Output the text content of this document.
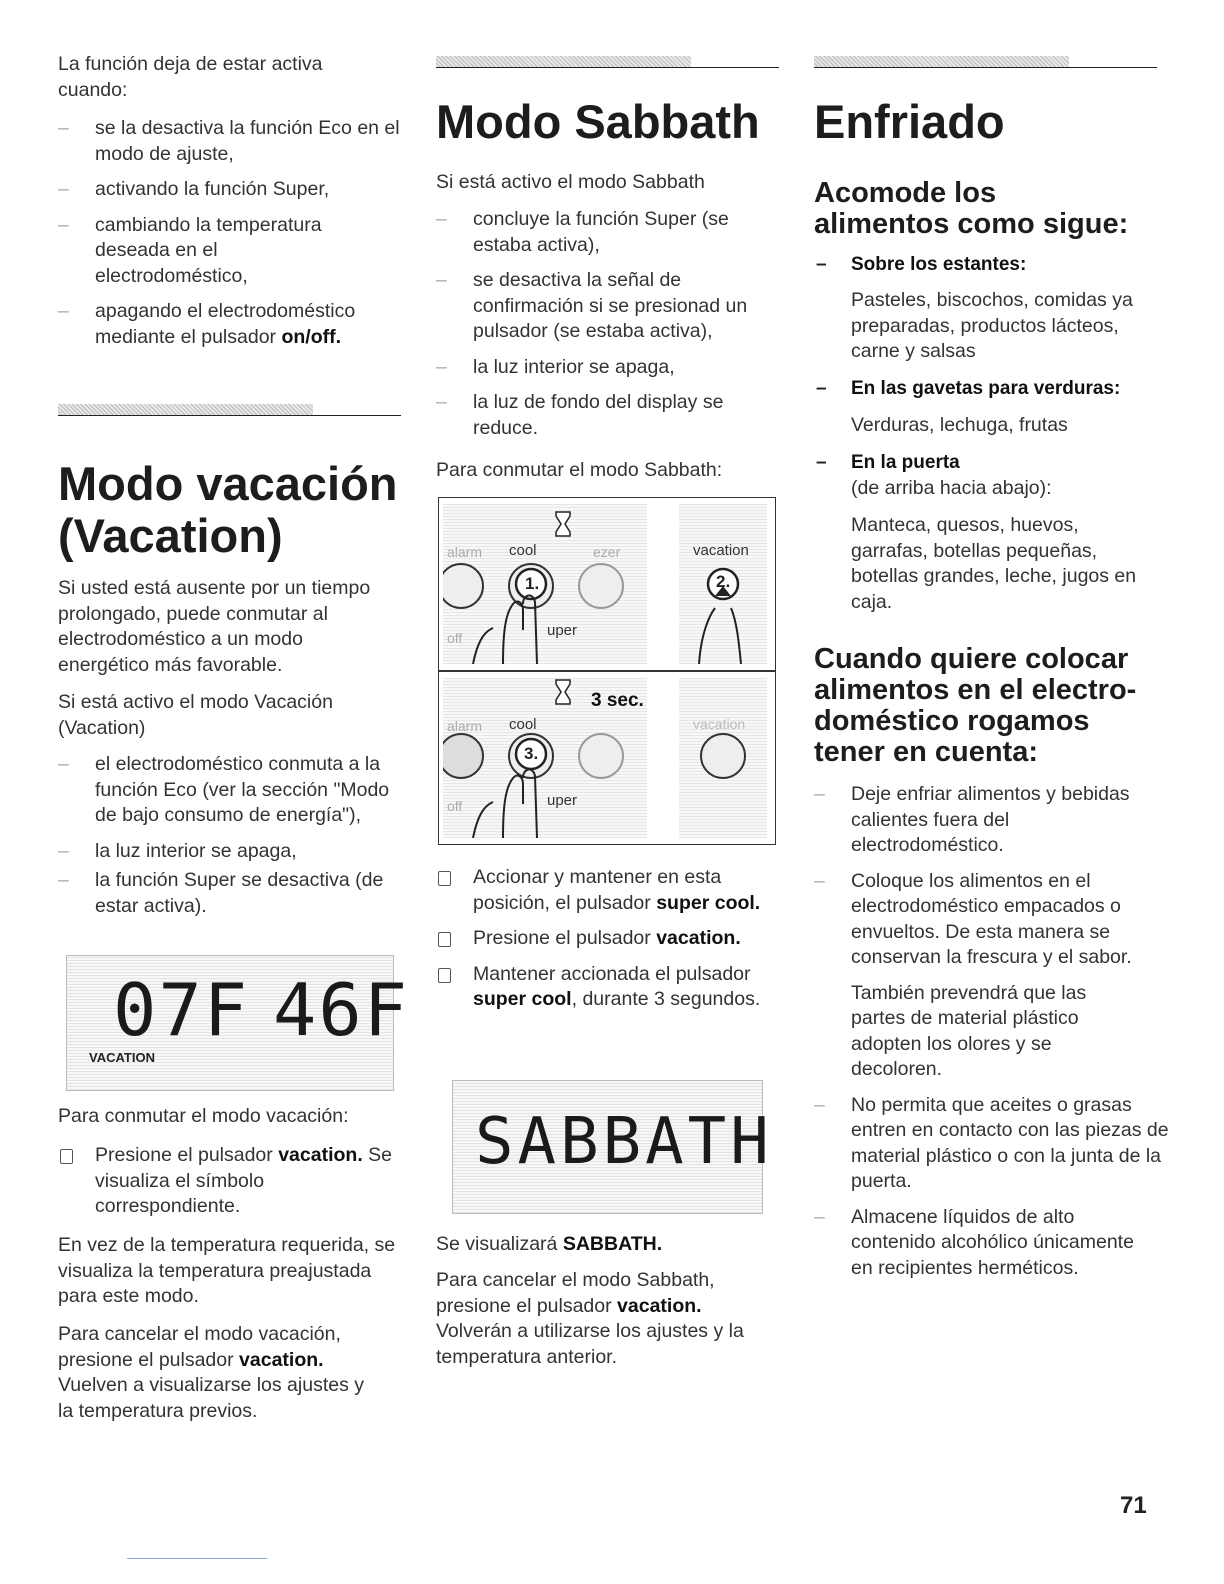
La función deja de estar activa cuando:

– se la desactiva la función Eco en el modo de ajuste,

– activando la función Super,

– cambiando la temperatura deseada en el electrodoméstico,

– apagando el electrodoméstico mediante el pulsador on/off.

Modo vacación
(Vacation)

Si usted está ausente por un tiempo prolongado, puede conmutar al electrodoméstico a un modo energético más favorable.

Si está activo el modo Vacación (Vacation)

– el electrodoméstico conmuta a la función Eco (ver la sección "Modo de bajo consumo de energía"),

– la luz interior se apaga,

– la función Super se desactiva (de estar activa).

07F 46F
VACATION

Para conmutar el modo vacación:

Presione el pulsador vacation. Se visualiza el símbolo correspondiente.

En vez de la temperatura requerida, se visualiza la temperatura preajustada para este modo.

Para cancelar el modo vacación, presione el pulsador vacation. Vuelven a visualizarse los ajustes y la temperatura previos.

Modo Sabbath

Si está activo el modo Sabbath

– concluye la función Super (se estaba activa),

– se desactiva la señal de confirmación si se presionad un pulsador (se estaba activa),

– la luz interior se apaga,

– la luz de fondo del display se reduce.

Para conmutar el modo Sabbath:

alarm cool	ezer
1.
off	uper
vacation
2.
alarm cool
3 sec.
3.
off	uper
vacation

Accionar y mantener en esta posición, el pulsador super cool.

Presione el pulsador vacation.

Mantener accionada el pulsador super cool, durante 3 segundos.

SABBATH

Se visualizará SABBATH.

Para cancelar el modo Sabbath, presione el pulsador vacation. Volverán a utilizarse los ajustes y la temperatura anterior.

Enfriado
Acomode los
alimentos como sigue:

– Sobre los estantes:

Pasteles, biscochos, comidas ya preparadas, productos lácteos, carne y salsas

– En las gavetas para verduras:

Verduras, lechuga, frutas

– En la puerta

(de arriba hacia abajo):

Manteca, quesos, huevos, garrafas, botellas pequeñas, botellas grandes, leche, jugos en caja.

Cuando quiere colocar
alimentos en el electro-
doméstico rogamos
tener en cuenta:

– Deje enfriar alimentos y bebidas calientes fuera del electrodoméstico.

– Coloque los alimentos en el electrodoméstico empacados o envueltos. De esta manera se conservan la frescura y el sabor.

También prevendrá que las partes de material plástico adopten los olores y se decoloren.

– No permita que aceites o grasas entren en contacto con las piezas de material plástico o con la junta de la puerta.

– Almacene líquidos de alto contenido alcohólico únicamente en recipientes herméticos.

71
